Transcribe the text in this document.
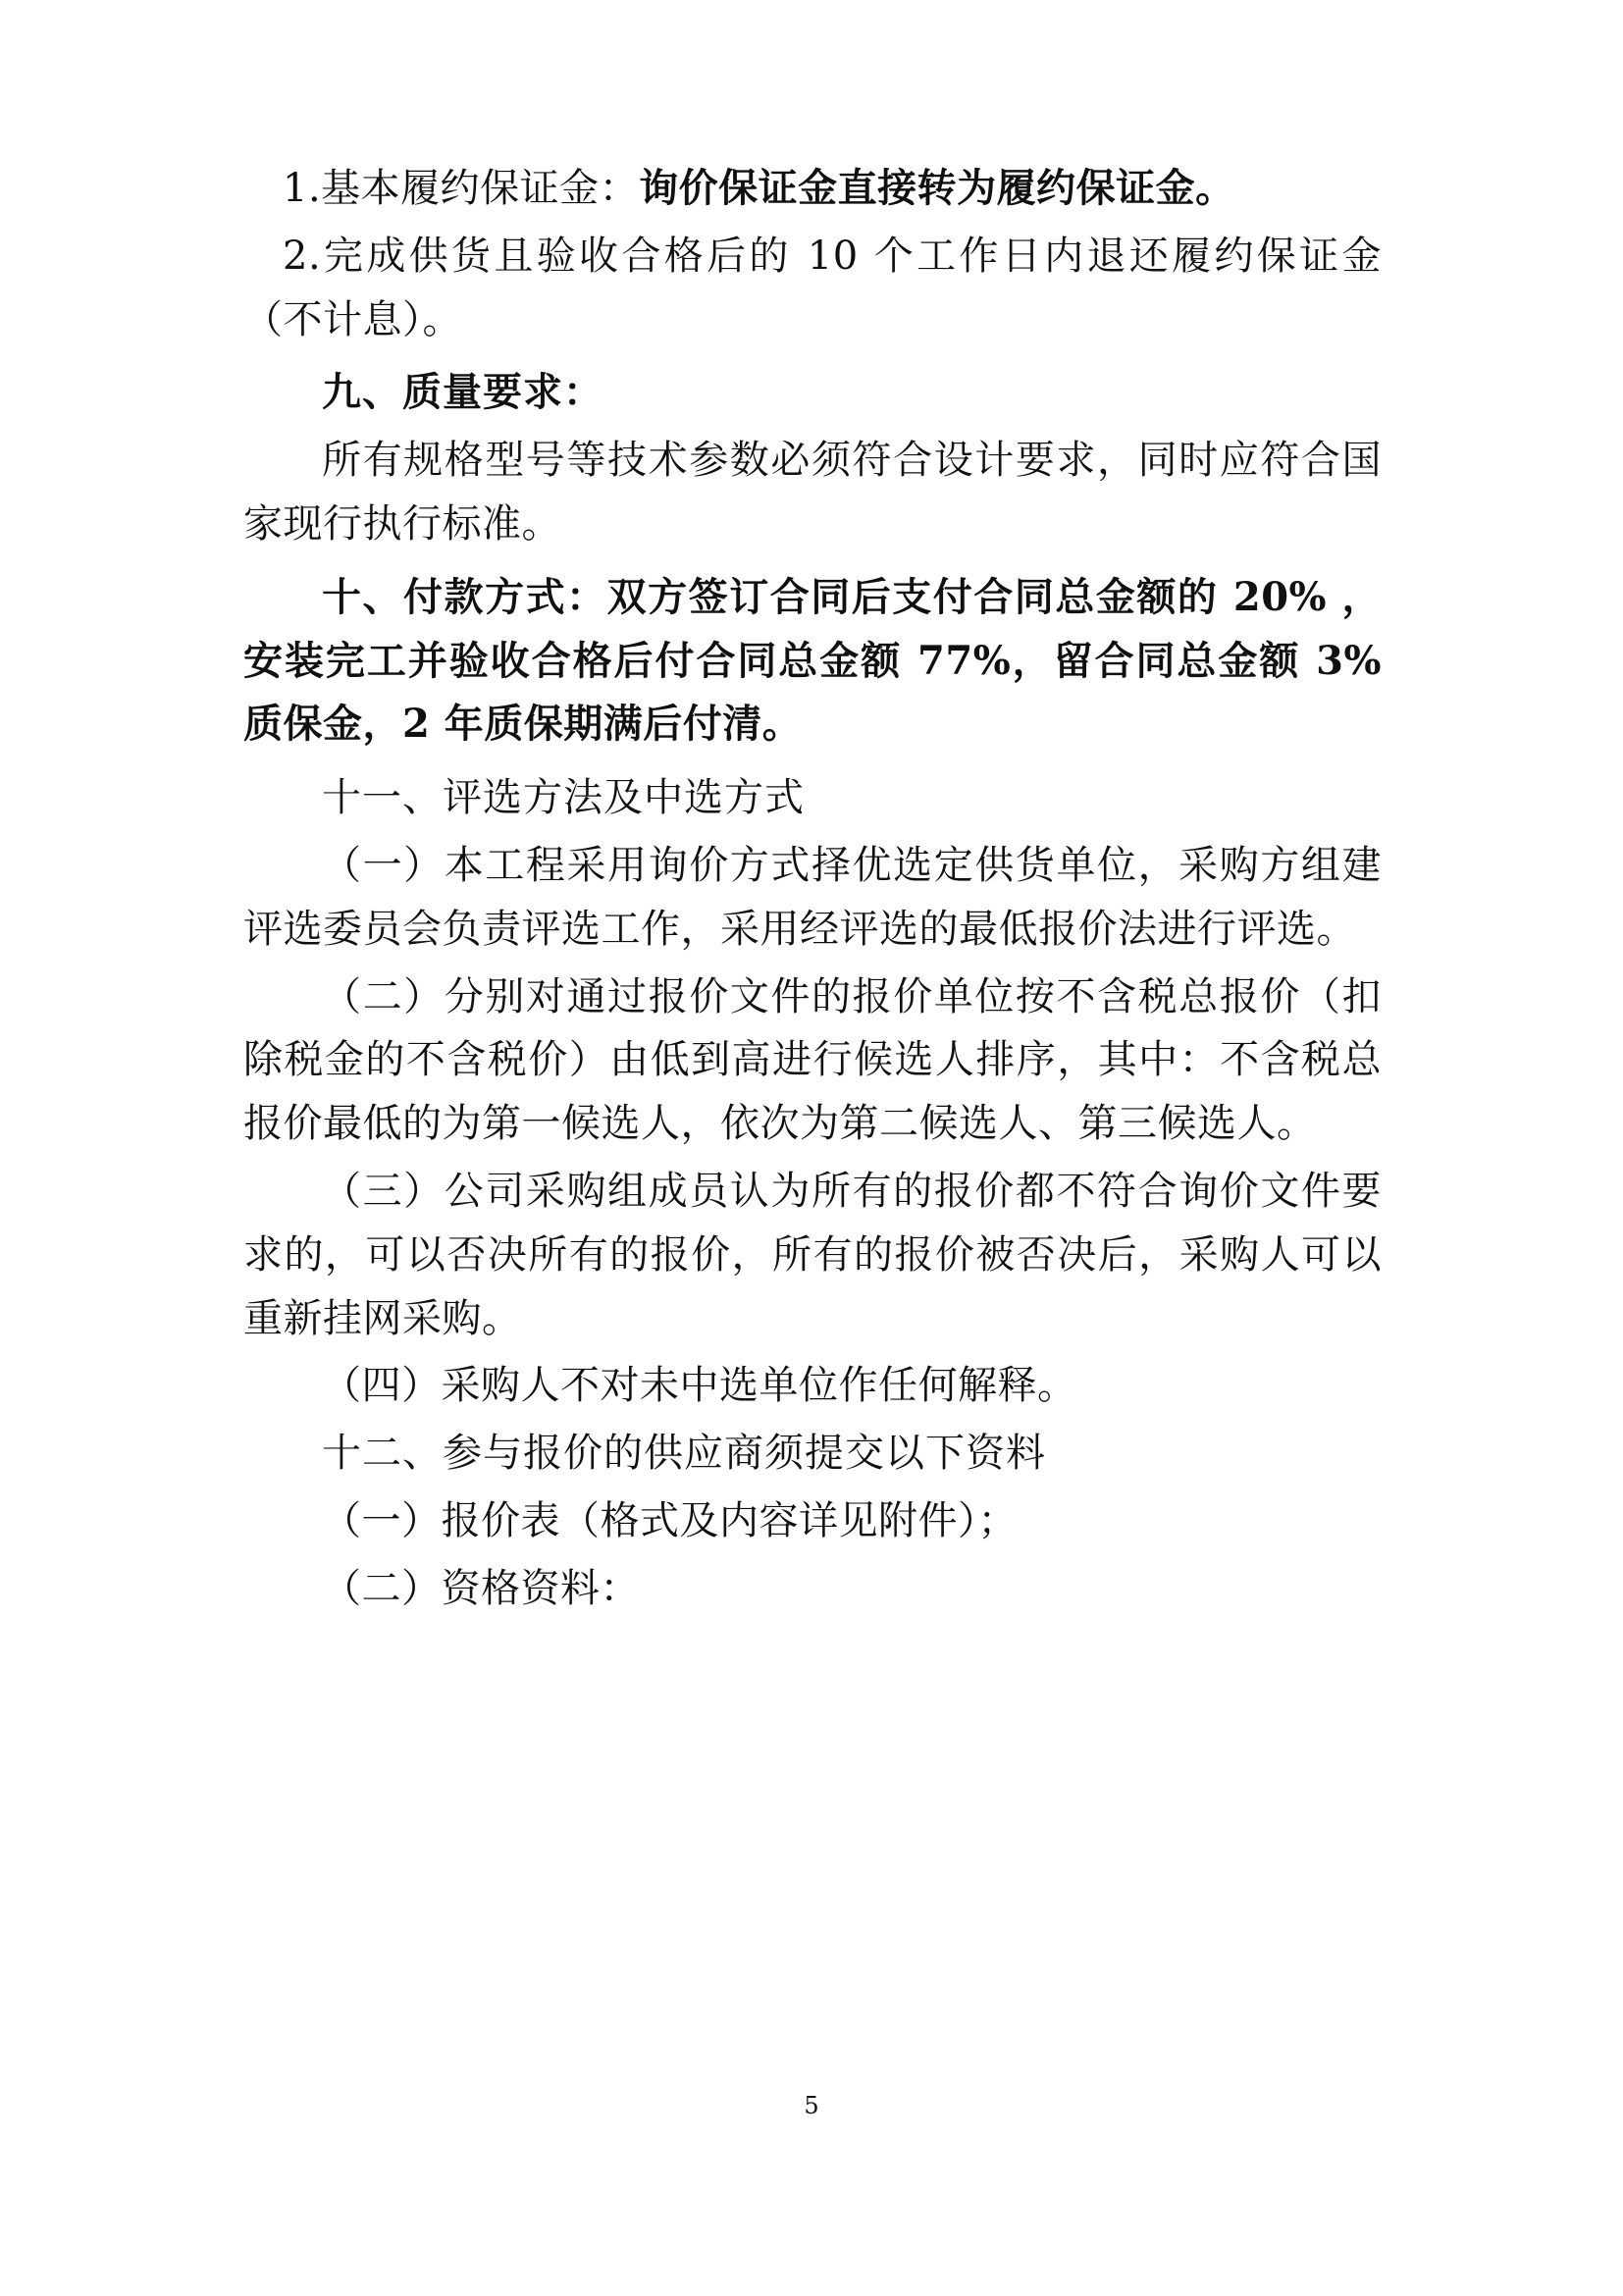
1.基本履约保证金：询价保证金直接转为履约保证金。

2.完成供货且验收合格后的 10 个工作日内退还履约保证金（不计息）。

九、质量要求：

所有规格型号等技术参数必须符合设计要求，同时应符合国家现行执行标准。

十、付款方式：双方签订合同后支付合同总金额的 20% ，安装完工并验收合格后付合同总金额 77%，留合同总金额 3%质保金，2 年质保期满后付清。

十一、评选方法及中选方式

（一）本工程采用询价方式择优选定供货单位，采购方组建评选委员会负责评选工作，采用经评选的最低报价法进行评选。

（二）分别对通过报价文件的报价单位按不含税总报价（扣除税金的不含税价）由低到高进行候选人排序，其中：不含税总报价最低的为第一候选人，依次为第二候选人、第三候选人。

（三）公司采购组成员认为所有的报价都不符合询价文件要求的，可以否决所有的报价，所有的报价被否决后，采购人可以重新挂网采购。

（四）采购人不对未中选单位作任何解释。

十二、参与报价的供应商须提交以下资料

（一）报价表（格式及内容详见附件）；

（二）资格资料：

5
